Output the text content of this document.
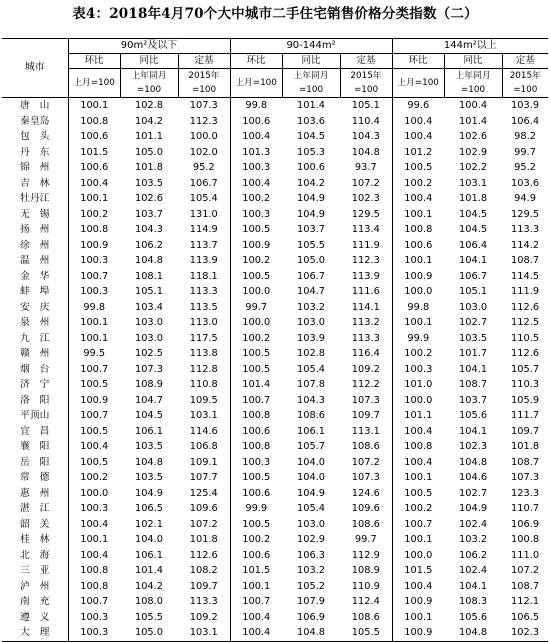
表4：2018年4月70个大中城市二手住宅销售价格分类指数（二）
城市	90m²及以下			90-144m²			144m²以上		
	环比	同比	定基	环比	同比	定基	环比	同比	定基
	上月=100	上年同月=100	2015年=100	上月=100	上年同月=100	2015年=100	上月=100	上年同月=100	2015年=100
唐　山	100.1	102.8	107.3	99.8	101.4	105.1	99.6	100.4	103.9
秦皇岛	100.8	104.2	112.3	100.6	103.6	110.4	100.4	101.4	106.4
包　头	100.6	101.1	100.0	100.4	104.5	104.3	100.4	102.6	98.2
丹　东	101.5	105.0	102.0	101.3	105.3	104.8	101.2	102.9	99.7
锦　州	100.6	101.8	95.2	100.3	100.6	93.7	100.5	102.2	95.2
吉　林	100.4	103.5	106.7	100.4	104.2	107.2	100.2	103.1	103.6
牡丹江	100.1	102.6	105.4	100.2	104.9	102.3	100.4	101.8	94.9
无　锡	100.2	103.7	131.0	100.3	104.9	129.5	100.1	104.5	129.5
扬　州	100.8	104.3	114.9	100.5	103.7	113.4	100.8	104.5	113.3
徐　州	100.9	106.2	113.7	100.9	105.5	111.9	100.6	106.4	114.2
温　州	100.3	104.8	113.9	100.2	105.0	112.3	100.1	104.1	108.7
金　华	100.7	108.1	118.1	100.5	106.7	113.9	100.9	106.7	114.5
蚌　埠	100.3	105.1	113.3	100.0	104.7	111.6	100.0	105.1	111.9
安　庆	99.8	103.4	113.5	99.7	103.2	114.1	99.8	103.0	112.6
泉　州	100.1	103.0	113.0	100.0	103.0	113.2	100.1	102.7	112.5
九　江	100.1	103.0	117.5	100.2	103.9	113.3	99.9	103.5	110.5
赣　州	99.5	102.5	113.8	100.5	102.8	116.4	100.2	101.7	112.6
烟　台	100.7	107.3	112.8	100.5	105.4	109.2	100.3	104.1	105.7
济　宁	100.5	108.9	110.8	101.4	107.8	112.2	101.0	108.7	110.3
洛　阳	100.9	104.7	109.5	100.7	104.3	107.3	100.0	103.7	105.9
平顶山	100.7	104.5	103.1	100.8	108.6	109.7	101.1	105.6	111.7
宜　昌	100.5	106.1	114.6	100.6	106.1	113.1	100.4	104.1	109.7
襄　阳	100.4	103.5	106.8	100.8	105.7	108.6	100.8	102.3	101.8
岳　阳	100.5	104.8	109.1	100.3	104.0	107.2	100.4	104.8	108.7
常　德	100.2	103.5	107.7	100.5	104.0	107.3	100.1	104.6	107.3
惠　州	100.0	104.9	125.4	100.6	104.9	124.6	100.5	102.7	123.3
湛　江	100.3	106.5	109.6	99.9	105.4	109.6	100.2	104.9	110.7
韶　关	100.4	102.1	107.2	100.5	103.0	108.6	100.7	102.4	106.9
桂　林	100.1	104.0	101.8	100.2	102.9	99.7	100.1	103.2	100.8
北　海	100.4	106.1	112.6	100.6	106.3	112.9	100.0	106.2	111.0
三　亚	100.8	101.4	108.2	101.5	103.2	108.9	101.5	102.4	107.2
泸　州	100.8	104.2	109.7	100.1	105.2	110.9	100.4	104.1	108.7
南　充	100.7	108.0	113.3	100.7	107.9	112.4	100.9	108.3	112.1
遵　义	100.3	105.5	109.2	100.4	106.9	108.6	100.1	105.6	106.5
大　理	100.3	105.0	103.1	100.4	104.8	105.5	100.9	104.8	102.3
